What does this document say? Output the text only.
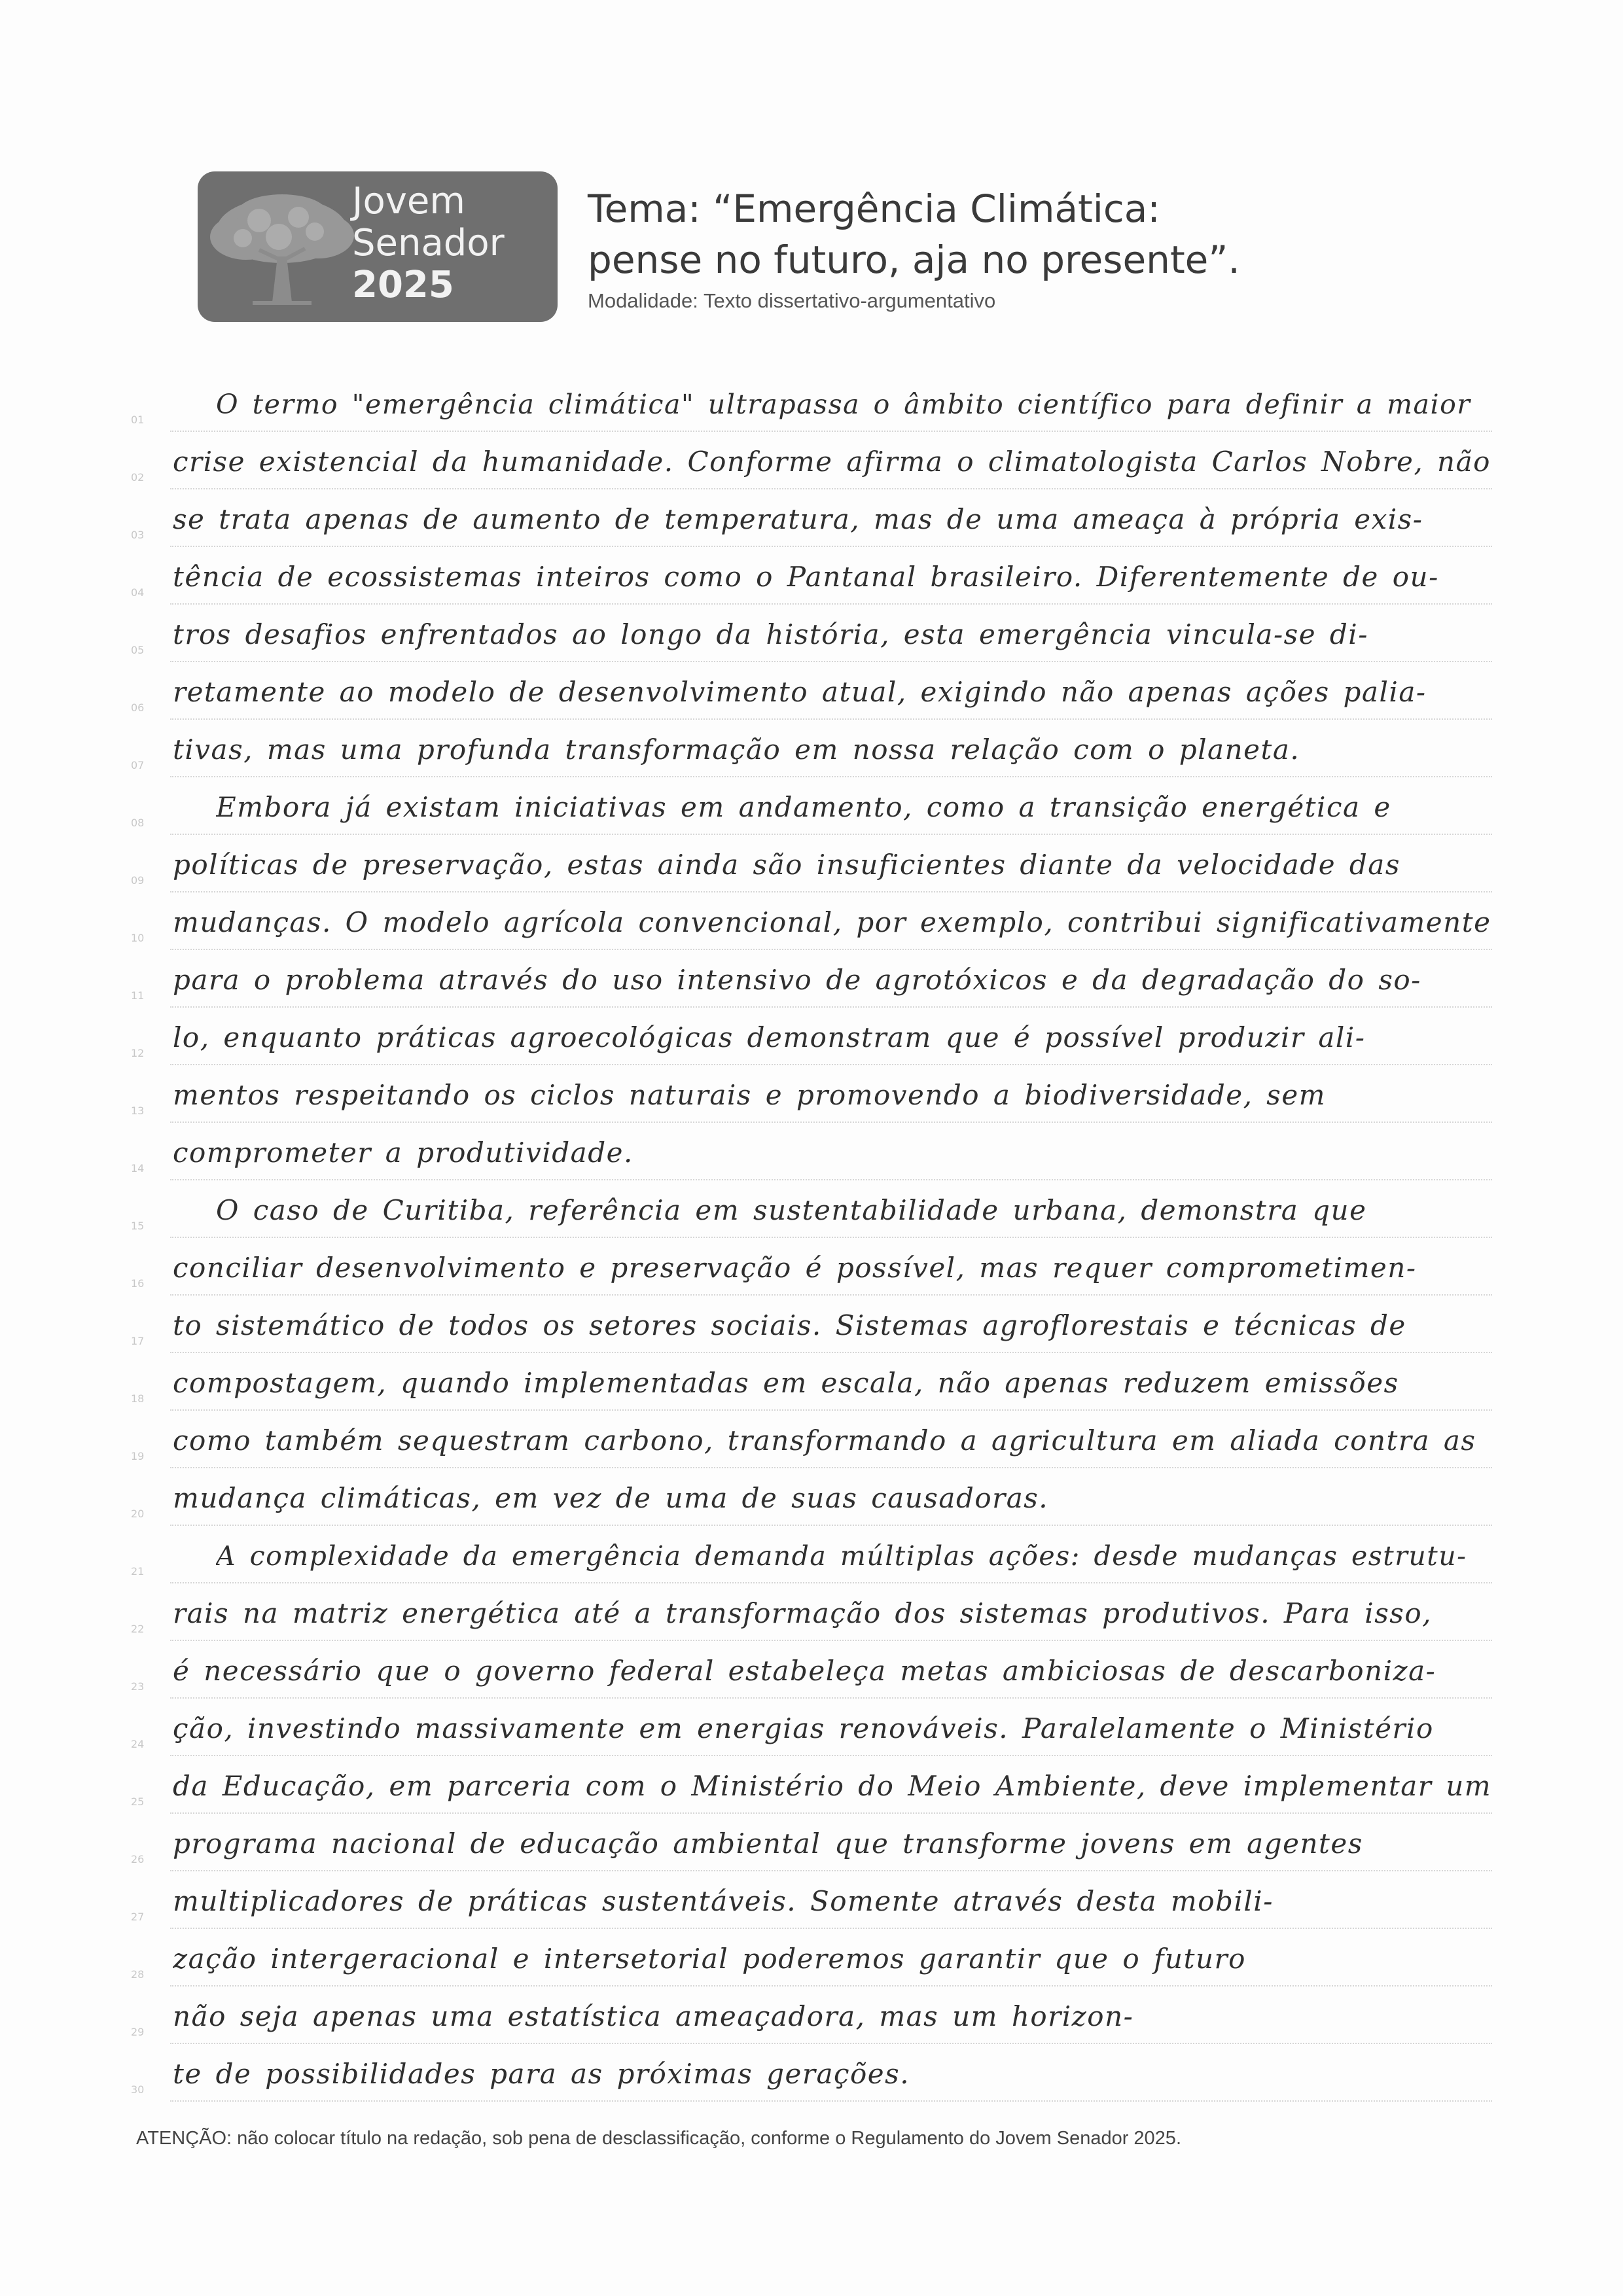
Jovem
Senador
2025
Tema: “Emergência Climática:
pense no futuro, aja no presente”.
Modalidade: Texto dissertativo-argumentativo
01	O termo "emergência climática" ultrapassa o âmbito científico para definir a maior
02	crise existencial da humanidade. Conforme afirma o climatologista Carlos Nobre, não
03	se trata apenas de aumento de temperatura, mas de uma ameaça à própria exis-
04	tência de ecossistemas inteiros como o Pantanal brasileiro. Diferentemente de ou-
05	tros desafios enfrentados ao longo da história, esta emergência vincula-se di-
06	retamente ao modelo de desenvolvimento atual, exigindo não apenas ações palia-
07	tivas, mas uma profunda transformação em nossa relação com o planeta.
08	Embora já existam iniciativas em andamento, como a transição energética e
09	políticas de preservação, estas ainda são insuficientes diante da velocidade das
10	mudanças. O modelo agrícola convencional, por exemplo, contribui significativamente
11	para o problema através do uso intensivo de agrotóxicos e da degradação do so-
12	lo, enquanto práticas agroecológicas demonstram que é possível produzir ali-
13	mentos respeitando os ciclos naturais e promovendo a biodiversidade, sem
14	comprometer a produtividade.
15	O caso de Curitiba, referência em sustentabilidade urbana, demonstra que
16	conciliar desenvolvimento e preservação é possível, mas requer comprometimen-
17	to sistemático de todos os setores sociais. Sistemas agroflorestais e técnicas de
18	compostagem, quando implementadas em escala, não apenas reduzem emissões
19	como também sequestram carbono, transformando a agricultura em aliada contra as
20	mudança climáticas, em vez de uma de suas causadoras.
21	A complexidade da emergência demanda múltiplas ações: desde mudanças estrutu-
22	rais na matriz energética até a transformação dos sistemas produtivos. Para isso,
23	é necessário que o governo federal estabeleça metas ambiciosas de descarboniza-
24	ção, investindo massivamente em energias renováveis. Paralelamente o Ministério
25	da Educação, em parceria com o Ministério do Meio Ambiente, deve implementar um
26	programa nacional de educação ambiental que transforme jovens em agentes
27	multiplicadores de práticas sustentáveis. Somente através desta mobili-
28	zação intergeracional e intersetorial poderemos garantir que o futuro
29	não seja apenas uma estatística ameaçadora, mas um horizon-
30	te de possibilidades para as próximas gerações.
ATENÇÃO: não colocar título na redação, sob pena de desclassificação, conforme o Regulamento do Jovem Senador 2025.
